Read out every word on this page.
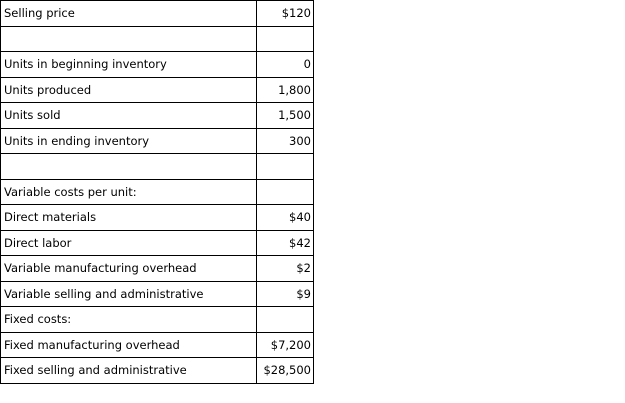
Selling price	$120

Units in beginning inventory	0
Units produced	1,800
Units sold	1,500
Units in ending inventory	300

Variable costs per unit:	
Direct materials	$40
Direct labor	$42
Variable manufacturing overhead	$2
Variable selling and administrative	$9
Fixed costs:	
Fixed manufacturing overhead	$7,200
Fixed selling and administrative	$28,500
